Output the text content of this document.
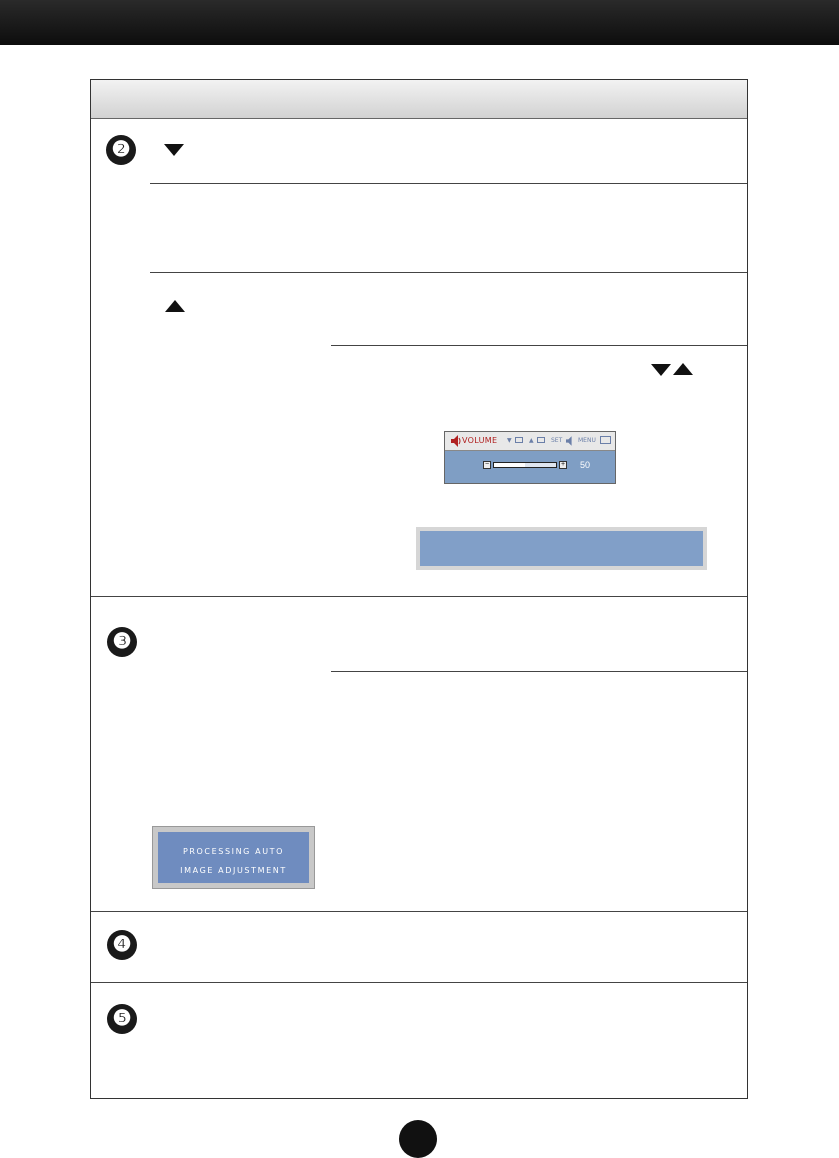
❷
VOLUME ▼	▲	SET	MENU
−	+ 50
❸
PROCESSING AUTO
IMAGE ADJUSTMENT
❹
❺
